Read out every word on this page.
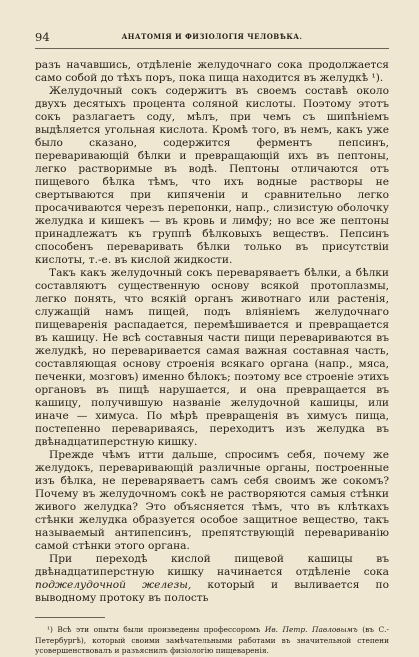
94	АНАТОМІЯ И ФИЗІОЛОГІЯ ЧЕЛОВѢКА.

разъ начавшись, отдѣленіе желудочнаго сока продолжается само собой до тѣхъ поръ, пока пища находится въ желудкѣ ¹).

Желудочный сокъ содержитъ въ своемъ составѣ около двухъ десятыхъ процента соляной кислоты. Поэтому этотъ сокъ разлагаетъ соду, мѣлъ, при чемъ съ шипѣніемъ выдѣляется угольная кислота. Кромѣ того, въ немъ, какъ уже было сказано, содержится ферментъ пепсинъ, переваривающій бѣлки и превращающій ихъ въ пептоны, легко растворимые въ водѣ. Пептоны отличаются отъ пищевого бѣлка тѣмъ, что ихъ водные растворы не свертываются при кипяченіи и сравнительно легко просачиваются черезъ перепонки, напр., слизистую оболочку желудка и кишекъ — въ кровь и лимфу; но все же пептоны принадлежатъ къ группѣ бѣлковыхъ веществъ. Пепсинъ способенъ переваривать бѣлки только въ присутствіи кислоты, т.-е. въ кислой жидкости.

Такъ какъ желудочный сокъ переваряваетъ бѣлки, а бѣлки составляютъ существенную основу всякой протоплазмы, легко понять, что всякій органъ животнаго или растенія, служащій намъ пищей, подъ вліяніемъ желудочнаго пищеваренія распадается, перемѣшивается и превращается въ кашицу. Не всѣ составныя части пищи перевариваются въ желудкѣ, но переваривается самая важная составная часть, составляющая основу строенія всякаго органа (напр., мяса, печенки, мозговъ) именно бѣлокъ; поэтому все строеніе этихъ органовъ въ пищѣ нарушается, и она превращается въ кашицу, получившую названіе желудочной кашицы, или иначе — химуса. По мѣрѣ превращенія въ химусъ пища, постепенно перевариваясь, переходитъ изъ желудка въ двѣнадцатиперстную кишку.

Прежде чѣмъ итти дальше, спросимъ себя, почему же желудокъ, переваривающій различные органы, построенные изъ бѣлка, не переваряваетъ самъ себя своимъ же сокомъ? Почему въ желудочномъ сокѣ не растворяются самыя стѣнки живого желудка? Это объясняется тѣмъ, что въ клѣткахъ стѣнки желудка образуется особое защитное вещество, такъ называемый антипепсинъ, препятствующій перевариванію самой стѣнки этого органа.

При переходѣ кислой пищевой кашицы въ двѣнадцатиперстную кишку начинается отдѣленіе сока поджелудочной железы, который и выливается по выводному протоку въ полость

¹) Всѣ эти опыты были произведены профессоромъ Ив. Петр. Павловымъ (въ С.-Петербургѣ), который своими замѣчательными работами въ значительной степени усовершенствовалъ и разъяснилъ физіологію пищеваренія.
